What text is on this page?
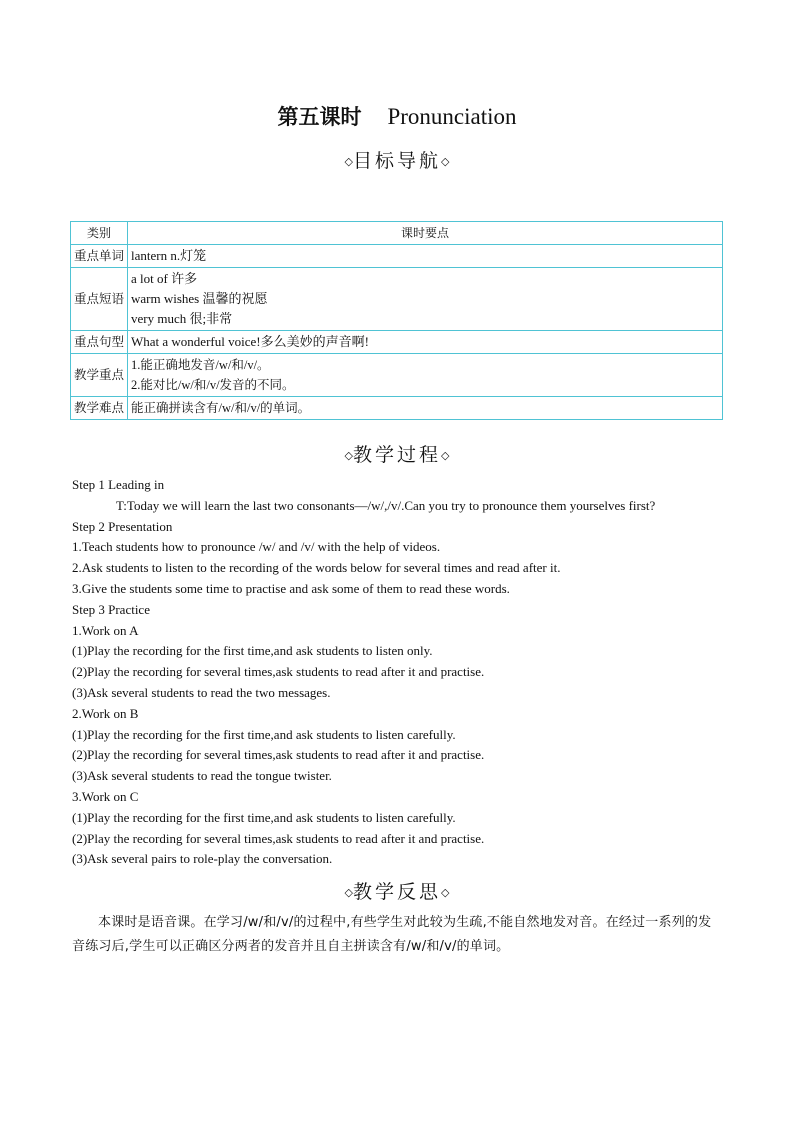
第五课时 Pronunciation
◇目标导航◇
类别	课时要点
重点单词	lantern n.灯笼

重点短语	a lot of 许多
warm wishes 温馨的祝愿
very much 很;非常

重点句型	What a wonderful voice!多么美妙的声音啊!

教学重点	1.能正确地发音/w/和/v/。
2.能对比/w/和/v/发音的不同。

教学难点	能正确拼读含有/w/和/v/的单词。
◇教学过程◇
Step 1 Leading in
T:Today we will learn the last two consonants—/w/,/v/.Can you try to pronounce them yourselves first?
Step 2 Presentation
1.Teach students how to pronounce /w/ and /v/ with the help of videos.
2.Ask students to listen to the recording of the words below for several times and read after it.
3.Give the students some time to practise and ask some of them to read these words.
Step 3 Practice
1.Work on A
(1)Play the recording for the first time,and ask students to listen only.
(2)Play the recording for several times,ask students to read after it and practise.
(3)Ask several students to read the two messages.
2.Work on B
(1)Play the recording for the first time,and ask students to listen carefully.
(2)Play the recording for several times,ask students to read after it and practise.
(3)Ask several students to read the tongue twister.
3.Work on C
(1)Play the recording for the first time,and ask students to listen carefully.
(2)Play the recording for several times,ask students to read after it and practise.
(3)Ask several pairs to role-play the conversation.
◇教学反思◇
本课时是语音课。在学习/w/和/v/的过程中,有些学生对此较为生疏,不能自然地发对音。在经过一系列的发音练习后,学生可以正确区分两者的发音并且自主拼读含有/w/和/v/的单词。
